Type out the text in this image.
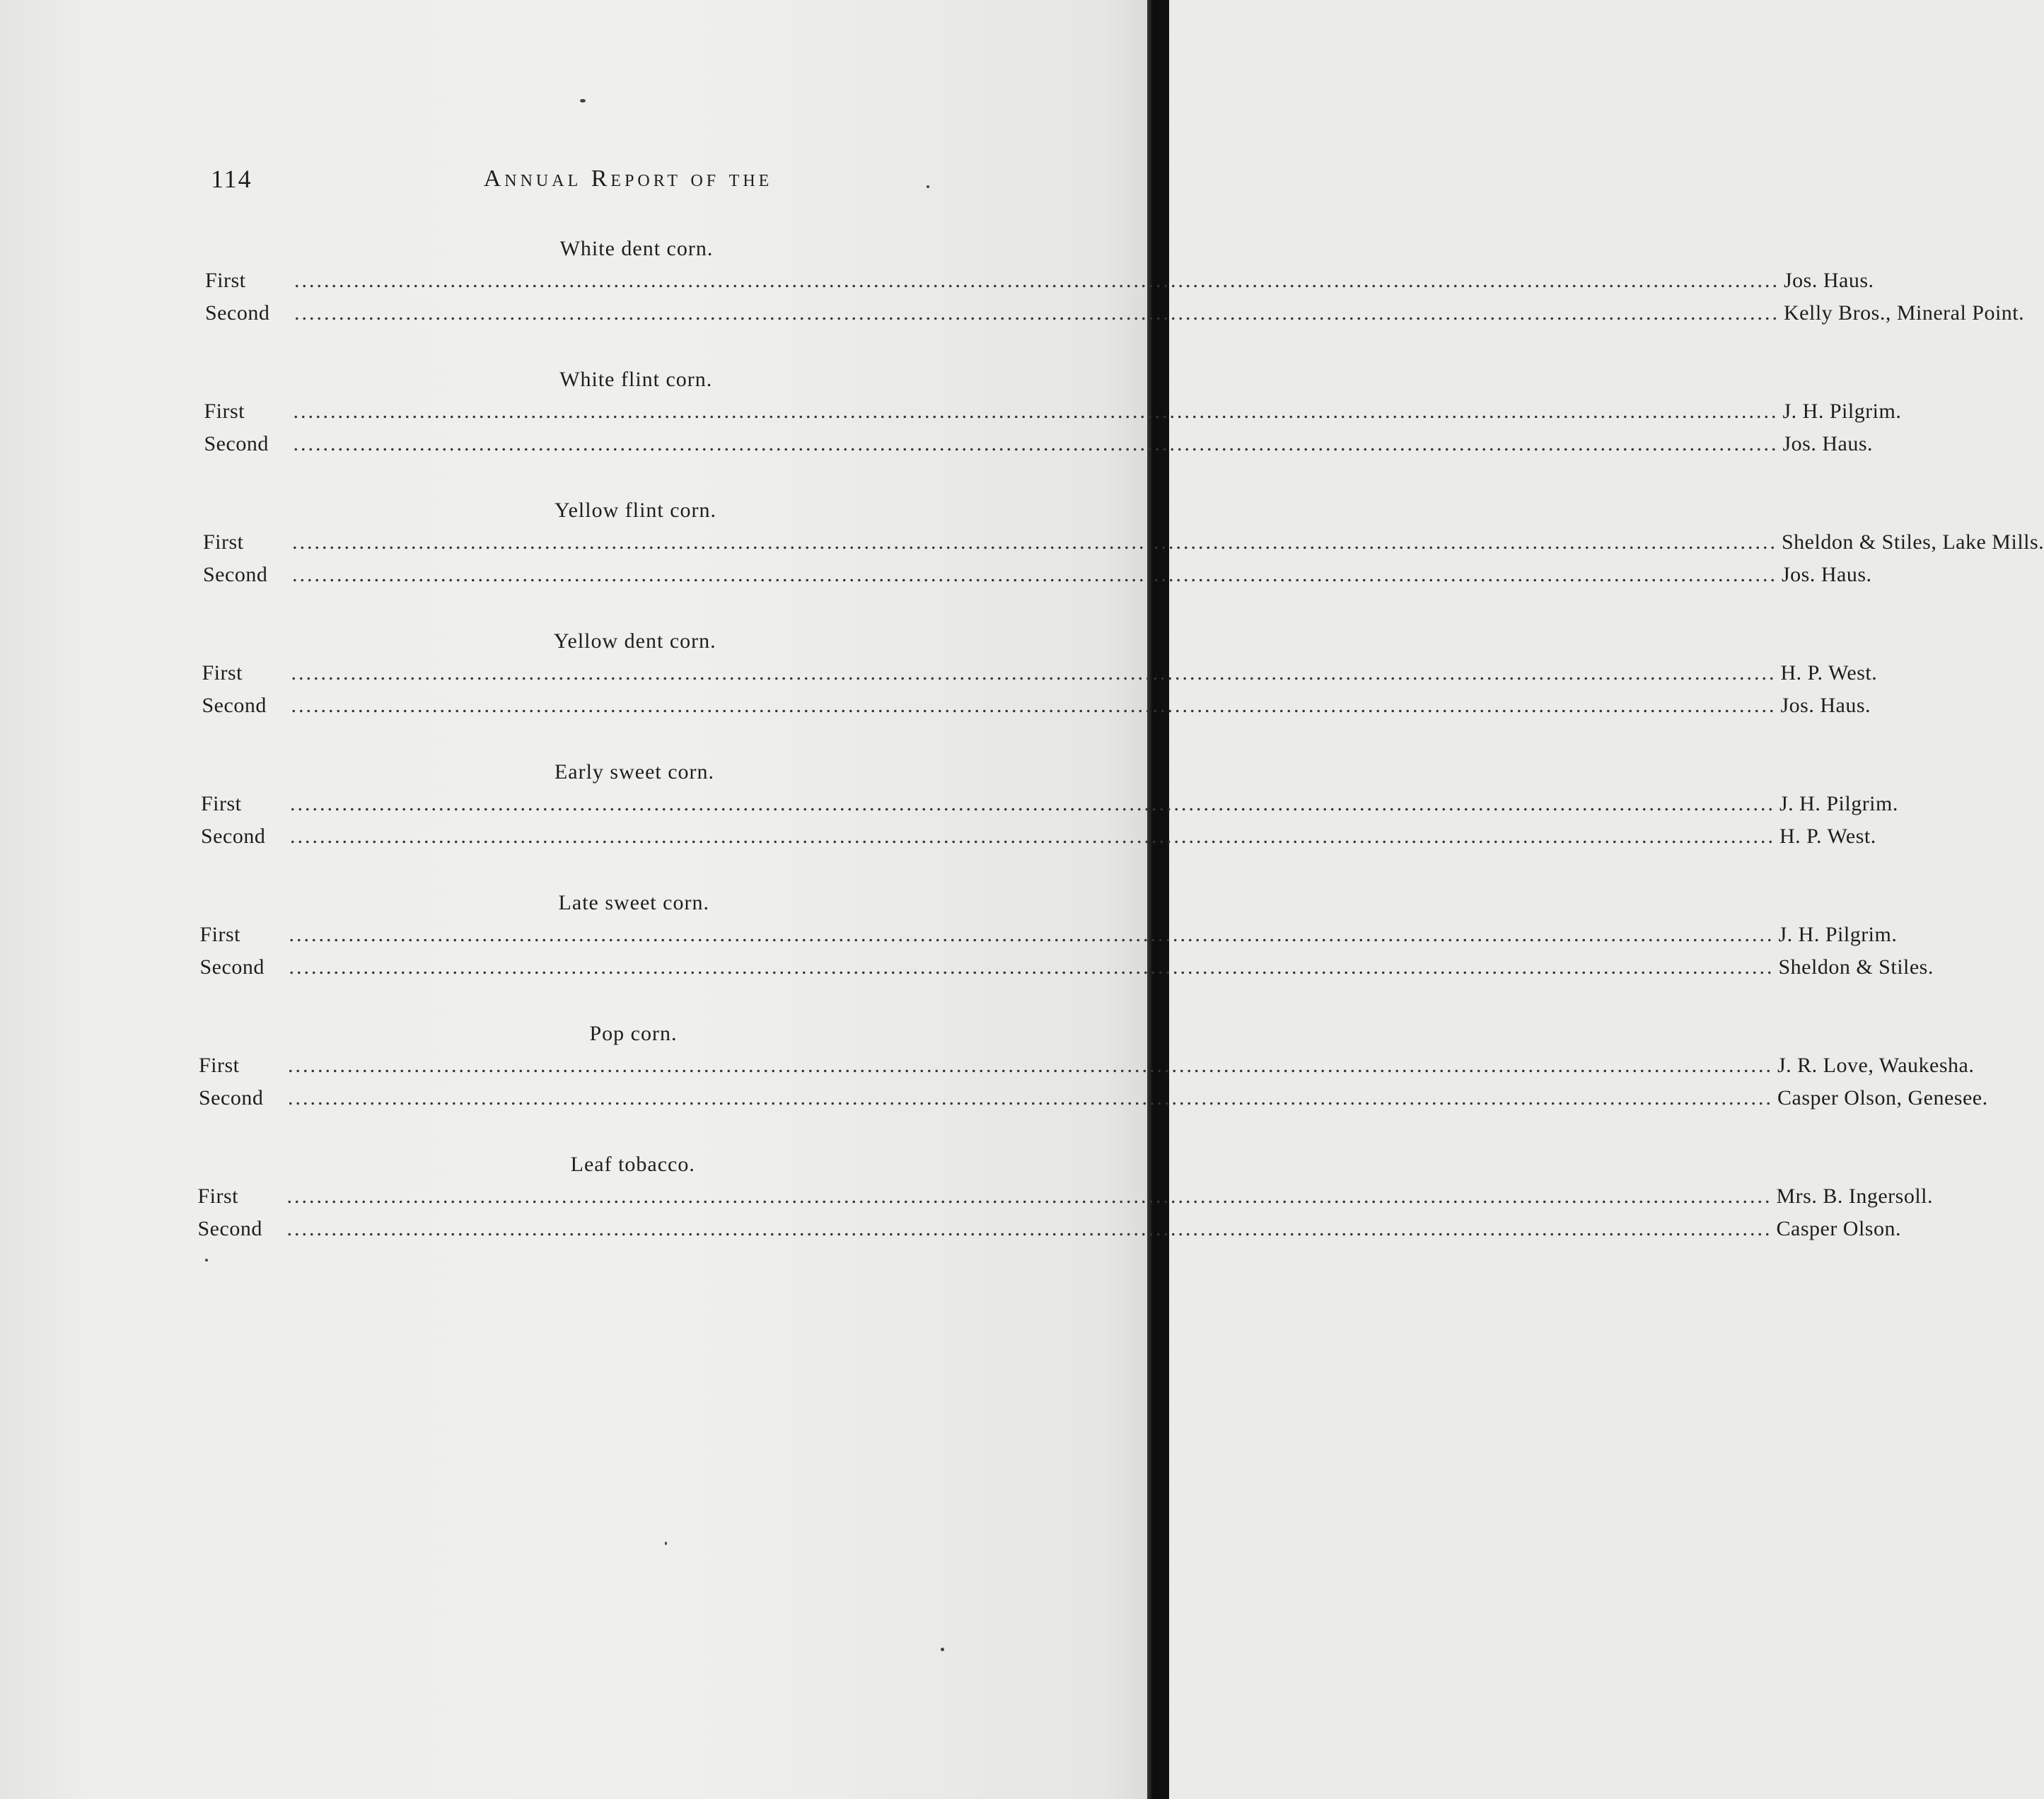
114	Annual Report of the
White dent corn.
First	........................................................................................................................................................................................................ Jos. Haus.
Second	........................................................................................................................................................................................................ Kelly Bros., Mineral Point.
White flint corn.
First	........................................................................................................................................................................................................ J. H. Pilgrim.
Second	........................................................................................................................................................................................................ Jos. Haus.
Yellow flint corn.
First	........................................................................................................................................................................................................ Sheldon & Stiles, Lake Mills.
Second	........................................................................................................................................................................................................ Jos. Haus.
Yellow dent corn.
First	........................................................................................................................................................................................................ H. P. West.
Second	........................................................................................................................................................................................................ Jos. Haus.
Early sweet corn.
First	........................................................................................................................................................................................................ J. H. Pilgrim.
Second	........................................................................................................................................................................................................ H. P. West.
Late sweet corn.
First	........................................................................................................................................................................................................ J. H. Pilgrim.
Second	........................................................................................................................................................................................................ Sheldon & Stiles.
Pop corn.
First	........................................................................................................................................................................................................ J. R. Love, Waukesha.
Second	........................................................................................................................................................................................................ Casper Olson, Genesee.
Leaf tobacco.
First	........................................................................................................................................................................................................ Mrs. B. Ingersoll.
Second	........................................................................................................................................................................................................ Casper Olson.
